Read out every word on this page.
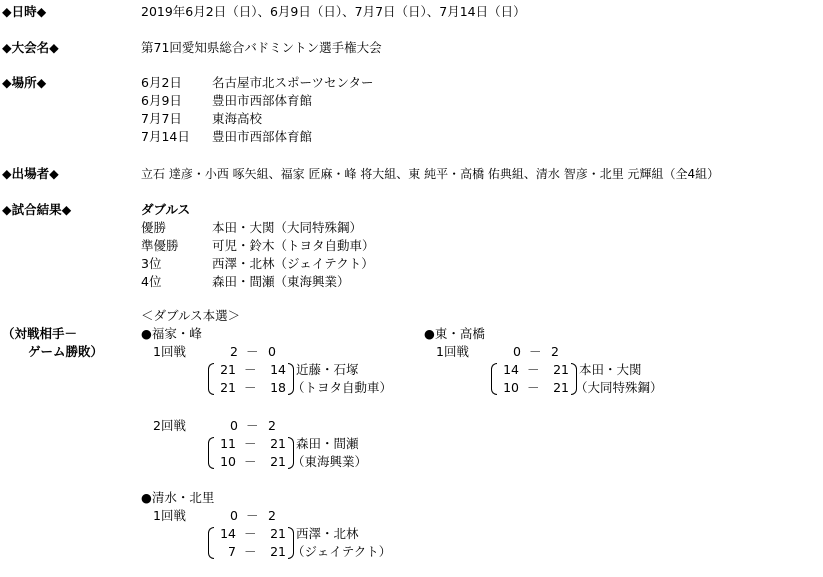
◆日時◆	2019年6月2日（日）、6月9日（日）、7月7日（日）、7月14日（日）
◆大会名◆	第71回愛知県総合バドミントン選手権大会
◆場所◆	6月2日 名古屋市北スポーツセンター
6月9日 豊田市西部体育館
7月7日 東海高校
7月14日 豊田市西部体育館
◆出場者◆	立石 達彦・小西 啄矢組、福家 匠麻・峰 将大組、東 純平・高橋 佑典組、清水 智彦・北里 元輝組（全4組）
◆試合結果◆	ダブルス
優勝	本田・大関（大同特殊鋼）
準優勝	可児・鈴木（トヨタ自動車）
3位	西澤・北林（ジェイテクト）
4位	森田・間瀬（東海興業）
＜ダブルス本選＞
（対戦相手－
ゲーム勝敗）
●福家・峰
1回戦	2 － 0
21 －	14
21 －	18
近藤・石塚
（トヨタ自動車）
2回戦	0 － 2
11 －	21
10 －	21
森田・間瀬
（東海興業）
●清水・北里
1回戦	0 － 2
14 －	21
7 －	21
西澤・北林
（ジェイテクト）
●東・高橋
1回戦	0 － 2
14 －	21
10 －	21
本田・大関
（大同特殊鋼）
